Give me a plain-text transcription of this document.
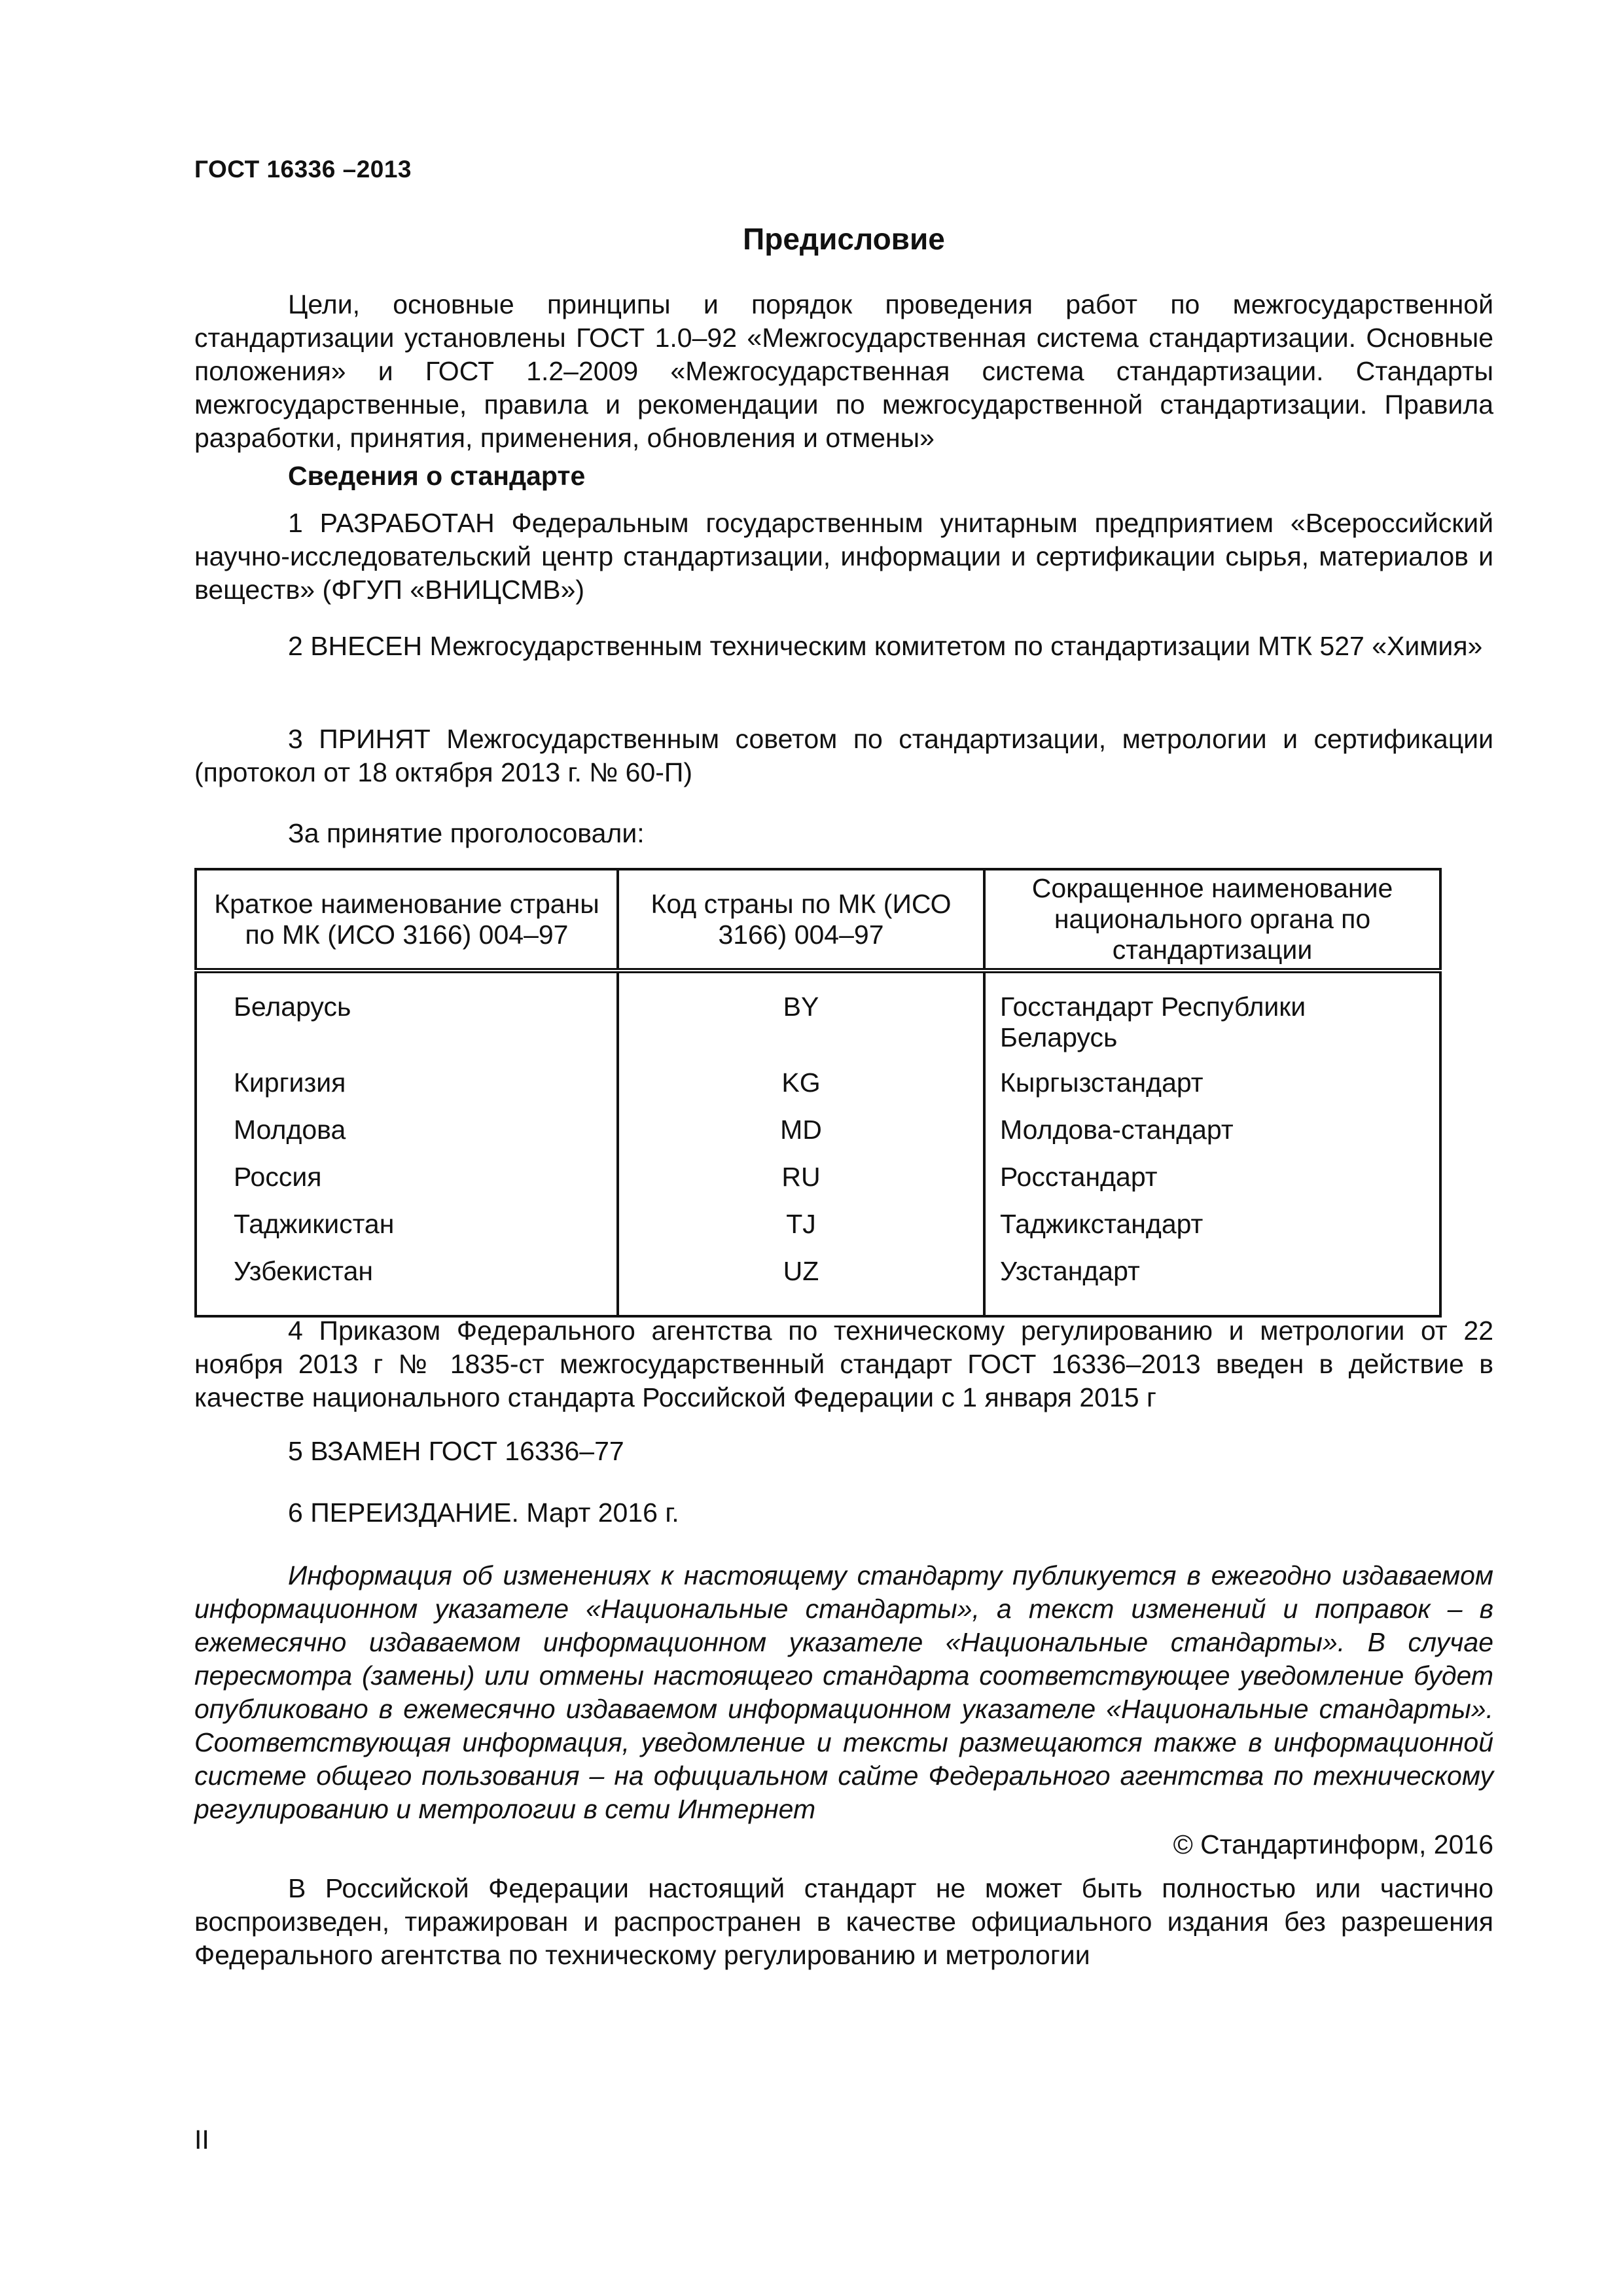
ГОСТ 16336 –2013
Предисловие

Цели, основные принципы и порядок проведения работ по межгосударственной стандартизации установлены ГОСТ 1.0–92 «Межгосударственная система стандартизации. Основные положения» и ГОСТ 1.2–2009 «Межгосударственная система стандартизации. Стандарты межгосударственные, правила и рекомендации по межгосударственной стандартизации. Правила разработки, принятия, применения, обновления и отмены»

Сведения о стандарте

1 РАЗРАБОТАН Федеральным государственным унитарным предприятием «Всероссийский научно-исследовательский центр стандартизации, информации и сертификации сырья, материалов и веществ» (ФГУП «ВНИЦСМВ»)

2 ВНЕСЕН Межгосударственным техническим комитетом по стандартизации МТК 527 «Химия»

3 ПРИНЯТ Межгосударственным советом по стандартизации, метрологии и сертификации (протокол от 18 октября 2013 г. № 60-П)

За принятие проголосовали:

Краткое наименование страны по МК (ИСО 3166) 004–97	Код страны по МК (ИСО 3166) 004–97	Сокращенное наименование национального органа по стандартизации
Беларусь	BY	Госстандарт Республики Беларусь
Киргизия	KG	Кыргызстандарт
Молдова	MD	Молдова-стандарт
Россия	RU	Росстандарт
Таджикистан	TJ	Таджикстандарт
Узбекистан	UZ	Узстандарт

4 Приказом Федерального агентства по техническому регулированию и метрологии от 22 ноября 2013 г № 1835-ст межгосударственный стандарт ГОСТ 16336–2013 введен в действие в качестве национального стандарта Российской Федерации с 1 января 2015 г

5 ВЗАМЕН ГОСТ 16336–77

6 ПЕРЕИЗДАНИЕ. Март 2016 г.

Информация об изменениях к настоящему стандарту публикуется в ежегодно издаваемом информационном указателе «Национальные стандарты», а текст изменений и поправок – в ежемесячно издаваемом информационном указателе «Национальные стандарты». В случае пересмотра (замены) или отмены настоящего стандарта соответствующее уведомление будет опубликовано в ежемесячно издаваемом информационном указателе «Национальные стандарты». Соответствующая информация, уведомление и тексты размещаются также в информационной системе общего пользования – на официальном сайте Федерального агентства по техническому регулированию и метрологии в сети Интернет

© Стандартинформ, 2016

В Российской Федерации настоящий стандарт не может быть полностью или частично воспроизведен, тиражирован и распространен в качестве официального издания без разрешения Федерального агентства по техническому регулированию и метрологии

II
